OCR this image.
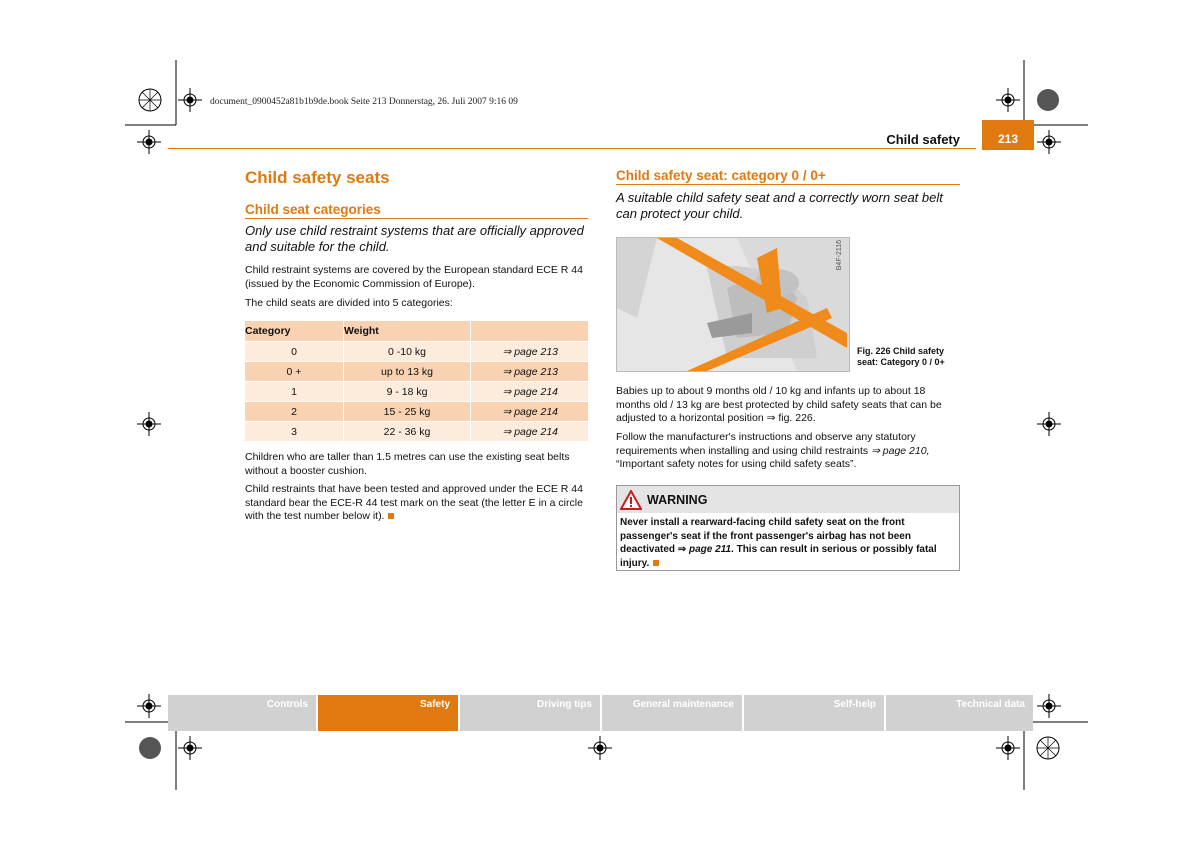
document_0900452a81b1b9de.book Seite 213 Donnerstag, 26. Juli 2007 9:16 09
Child safety	213
Child safety seats
Child seat categories
Only use child restraint systems that are officially approved and suitable for the child.
Child restraint systems are covered by the European standard ECE R 44 (issued by the Economic Commission of Europe).
The child seats are divided into 5 categories:
Category	Weight	
0	0 -10 kg	⇒ page 213
0 +	up to 13 kg	⇒ page 213
1	9 - 18 kg	⇒ page 214
2	15 - 25 kg	⇒ page 214
3	22 - 36 kg	⇒ page 214
Children who are taller than 1.5 metres can use the existing seat belts without a booster cushion.
Child restraints that have been tested and approved under the ECE R 44 standard bear the ECE-R 44 test mark on the seat (the letter E in a circle with the test number below it).
Child safety seat: category 0 / 0+
A suitable child safety seat and a correctly worn seat belt can protect your child.
B4F-2116
Fig. 226 Child safety seat: Category 0 / 0+
Babies up to about 9 months old / 10 kg and infants up to about 18 months old / 13 kg are best protected by child safety seats that can be adjusted to a horizontal position ⇒ fig. 226.
Follow the manufacturer's instructions and observe any statutory requirements when installing and using child restraints ⇒ page 210, “Important safety notes for using child safety seats”.
WARNING
Never install a rearward-facing child safety seat on the front passenger's seat if the front passenger's airbag has not been deactivated ⇒ page 211. This can result in serious or possibly fatal injury.
Controls	Safety	Driving tips	General maintenance	Self-help	Technical data
